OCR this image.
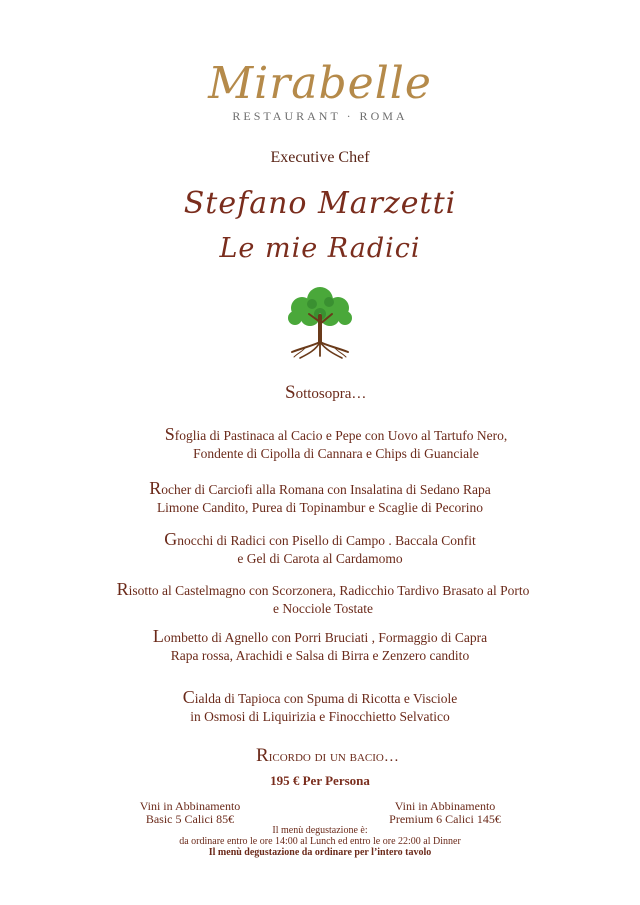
Mirabelle
RESTAURANT · ROMA
Executive Chef
Stefano Marzetti
Le mie Radici
Sottosopra…
Sfoglia di Pastinaca al Cacio e Pepe con Uovo al Tartufo Nero,
Fondente di Cipolla di Cannara e Chips di Guanciale
Rocher di Carciofi alla Romana con Insalatina di Sedano Rapa
Limone Candito, Purea di Topinambur e Scaglie di Pecorino
Gnocchi di Radici con Pisello di Campo . Baccala Confit
e Gel di Carota al Cardamomo
Risotto al Castelmagno con Scorzonera, Radicchio Tardivo Brasato al Porto
e Nocciole Tostate
Lombetto di Agnello con Porri Bruciati , Formaggio di Capra
Rapa rossa, Arachidi e Salsa di Birra e Zenzero candito
Cialda di Tapioca con Spuma di Ricotta e Visciole
in Osmosi di Liquirizia e Finocchietto Selvatico
Ricordo di un bacio…
195 € Per Persona
Vini in Abbinamento
Basic 5 Calici 85€
Vini in Abbinamento
Premium 6 Calici 145€
Il menù degustazione è:
da ordinare entro le ore 14:00 al Lunch ed entro le ore 22:00 al Dinner
Il menù degustazione da ordinare per l’intero tavolo
